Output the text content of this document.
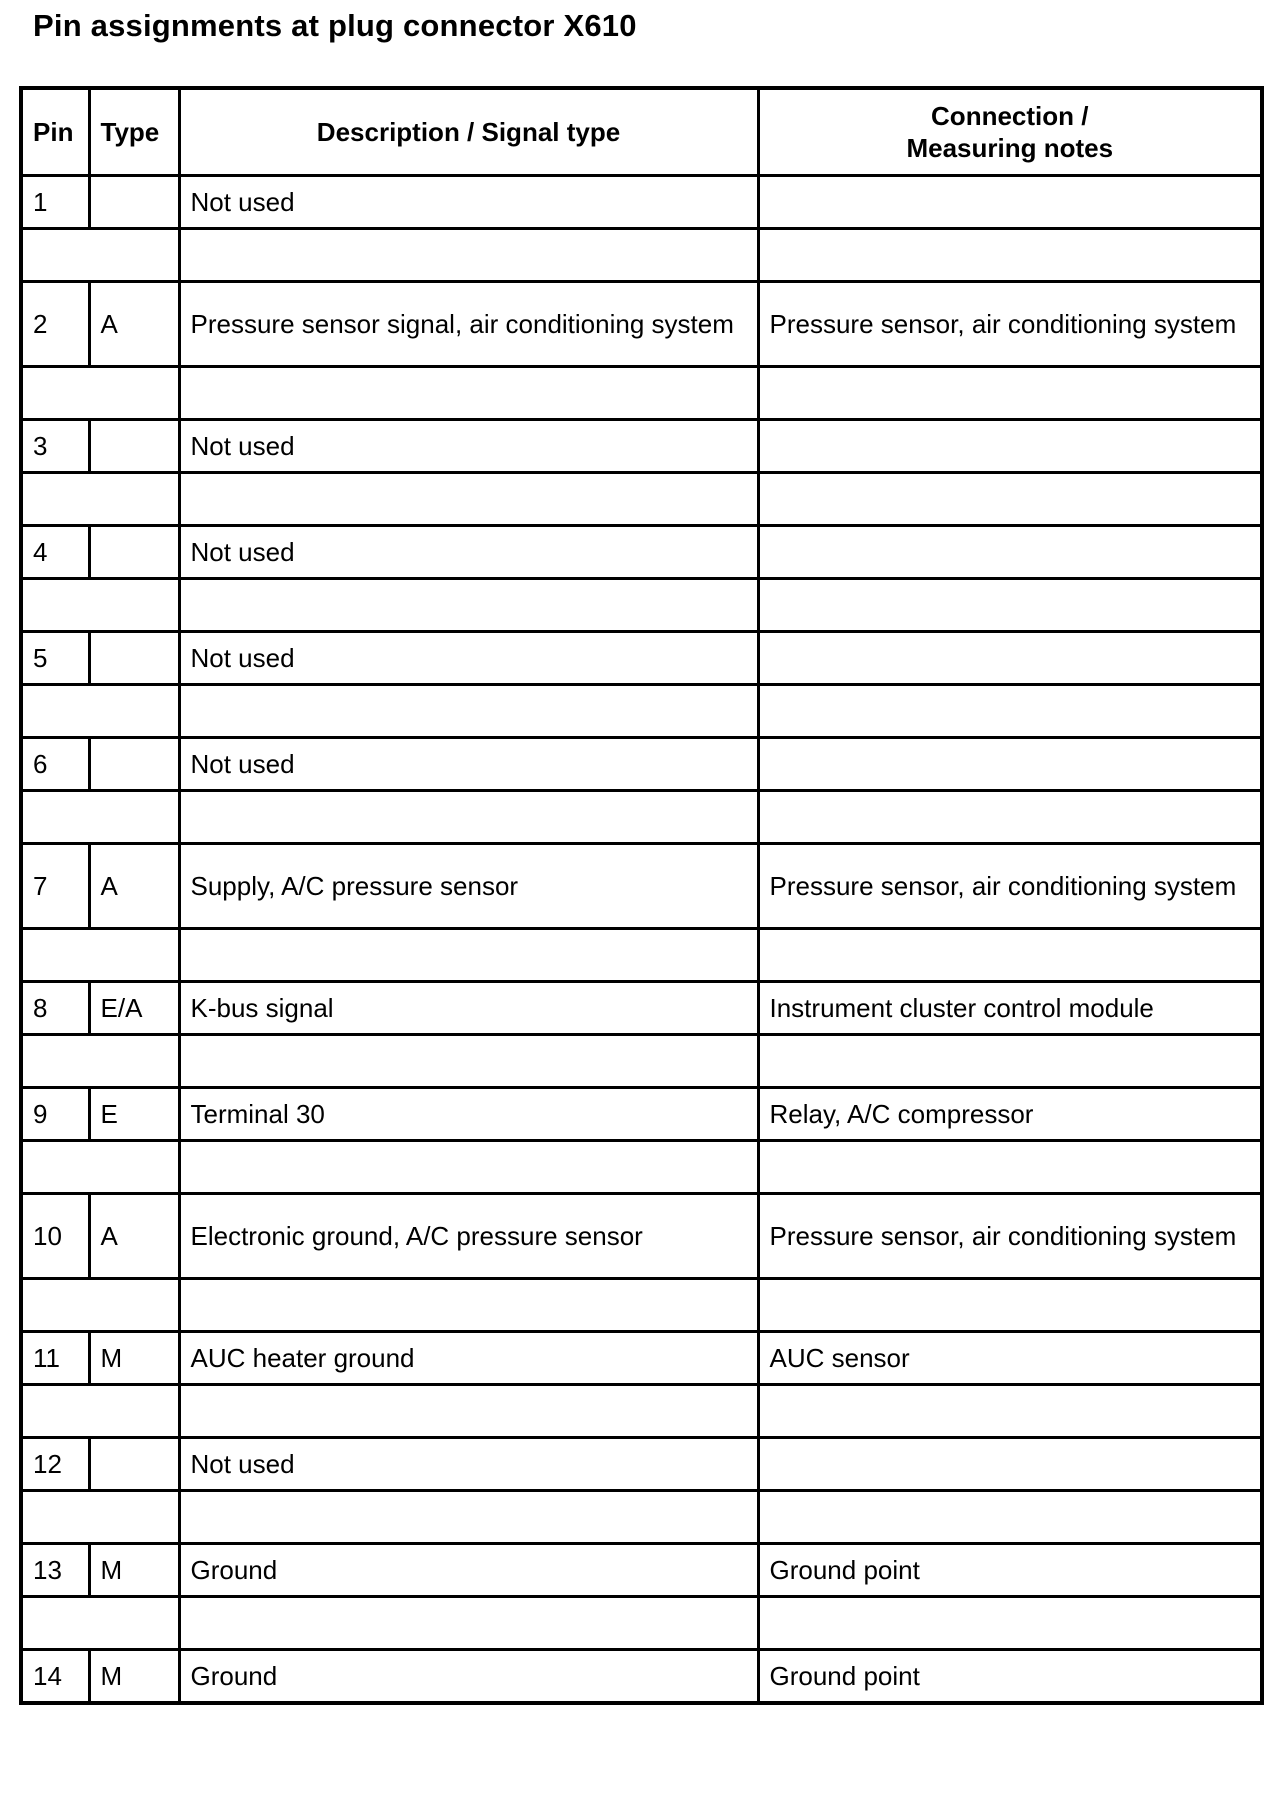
Pin assignments at plug connector X610
Pin	Type	Description / Signal type	Connection /
Measuring notes

1		Not used	

2	A	Pressure sensor signal, air conditioning system	Pressure sensor, air conditioning system

3		Not used	

4		Not used	

5		Not used	

6		Not used	

7	A	Supply, A/C pressure sensor	Pressure sensor, air conditioning system

8	E/A	K-bus signal	Instrument cluster control module

9	E	Terminal 30	Relay, A/C compressor

10	A	Electronic ground, A/C pressure sensor	Pressure sensor, air conditioning system

11	M	AUC heater ground	AUC sensor

12		Not used	

13	M	Ground	Ground point

14	M	Ground	Ground point
